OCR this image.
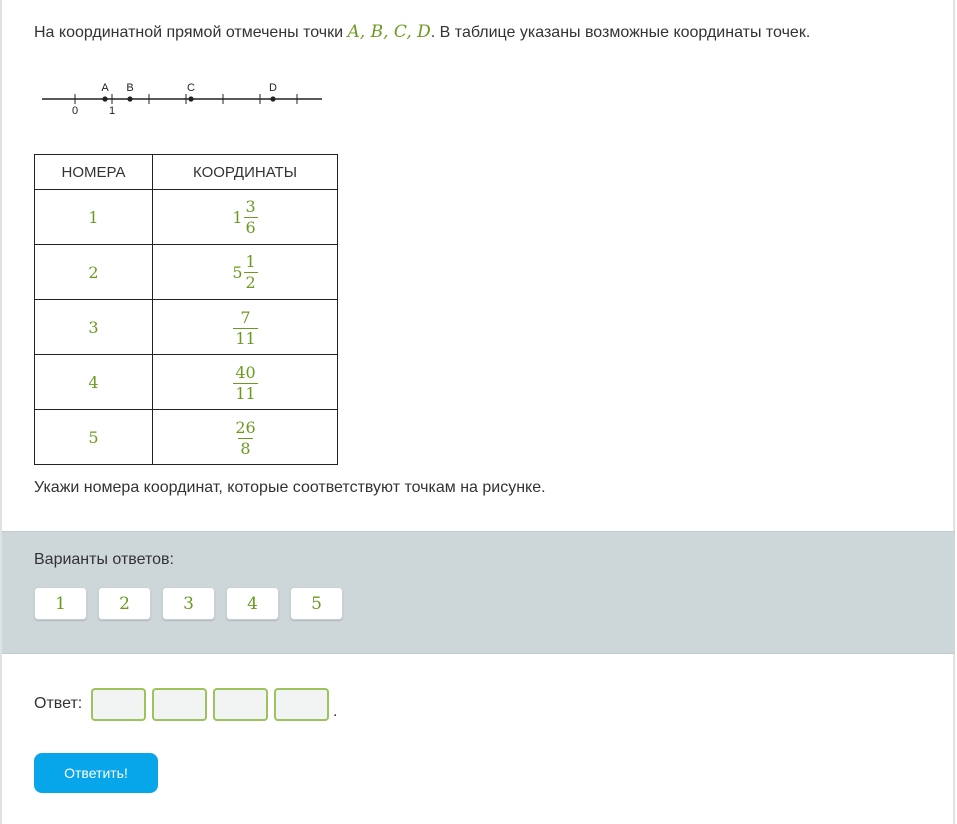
На координатной прямой отмечены точки A, B, C, D. В таблице указаны возможные координаты точек.
A B	C	D
0	1
НОМЕРА	КООРДИНАТЫ
1	$1 \frac{3}{6}$

2	$5 \frac{1}{2}$

3	$\frac{7}{11}$

4	$\frac{40}{11}$

5	$\frac{26}{8}$
Укажи номера координат, которые соответствуют точкам на рисунке.
Варианты ответов:
1	2	3	4	5
Ответ:	.
Ответить!
